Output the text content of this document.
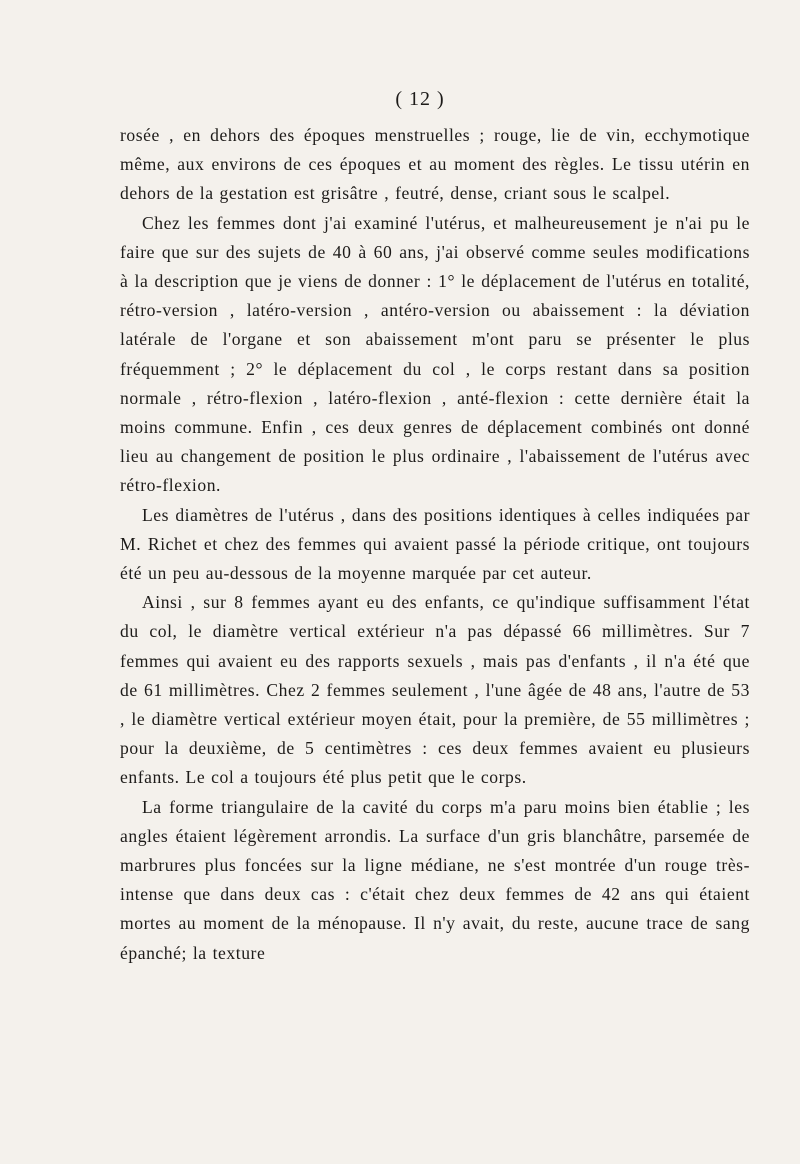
( 12 )

rosée , en dehors des époques menstruelles ; rouge, lie de vin, ecchymotique même, aux environs de ces époques et au moment des règles. Le tissu utérin en dehors de la gestation est grisâtre , feutré, dense, criant sous le scalpel.

Chez les femmes dont j'ai examiné l'utérus, et malheureusement je n'ai pu le faire que sur des sujets de 40 à 60 ans, j'ai observé comme seules modifications à la description que je viens de donner : 1° le déplacement de l'utérus en totalité, rétro-version , latéro-version , antéro-version ou abaissement : la déviation latérale de l'organe et son abaissement m'ont paru se présenter le plus fréquemment ; 2° le déplacement du col , le corps restant dans sa position normale , rétro-flexion , latéro-flexion , anté-flexion : cette dernière était la moins commune. Enfin , ces deux genres de déplacement combinés ont donné lieu au changement de position le plus ordinaire , l'abaissement de l'utérus avec rétro-flexion.

Les diamètres de l'utérus , dans des positions identiques à celles indiquées par M. Richet et chez des femmes qui avaient passé la période critique, ont toujours été un peu au-dessous de la moyenne marquée par cet auteur.

Ainsi , sur 8 femmes ayant eu des enfants, ce qu'indique suffisamment l'état du col, le diamètre vertical extérieur n'a pas dépassé 66 millimètres. Sur 7 femmes qui avaient eu des rapports sexuels , mais pas d'enfants , il n'a été que de 61 millimètres. Chez 2 femmes seulement , l'une âgée de 48 ans, l'autre de 53 , le diamètre vertical extérieur moyen était, pour la première, de 55 millimètres ; pour la deuxième, de 5 centimètres : ces deux femmes avaient eu plusieurs enfants. Le col a toujours été plus petit que le corps.

La forme triangulaire de la cavité du corps m'a paru moins bien établie ; les angles étaient légèrement arrondis. La surface d'un gris blanchâtre, parsemée de marbrures plus foncées sur la ligne médiane, ne s'est montrée d'un rouge très-intense que dans deux cas : c'était chez deux femmes de 42 ans qui étaient mortes au moment de la ménopause. Il n'y avait, du reste, aucune trace de sang épanché; la texture
